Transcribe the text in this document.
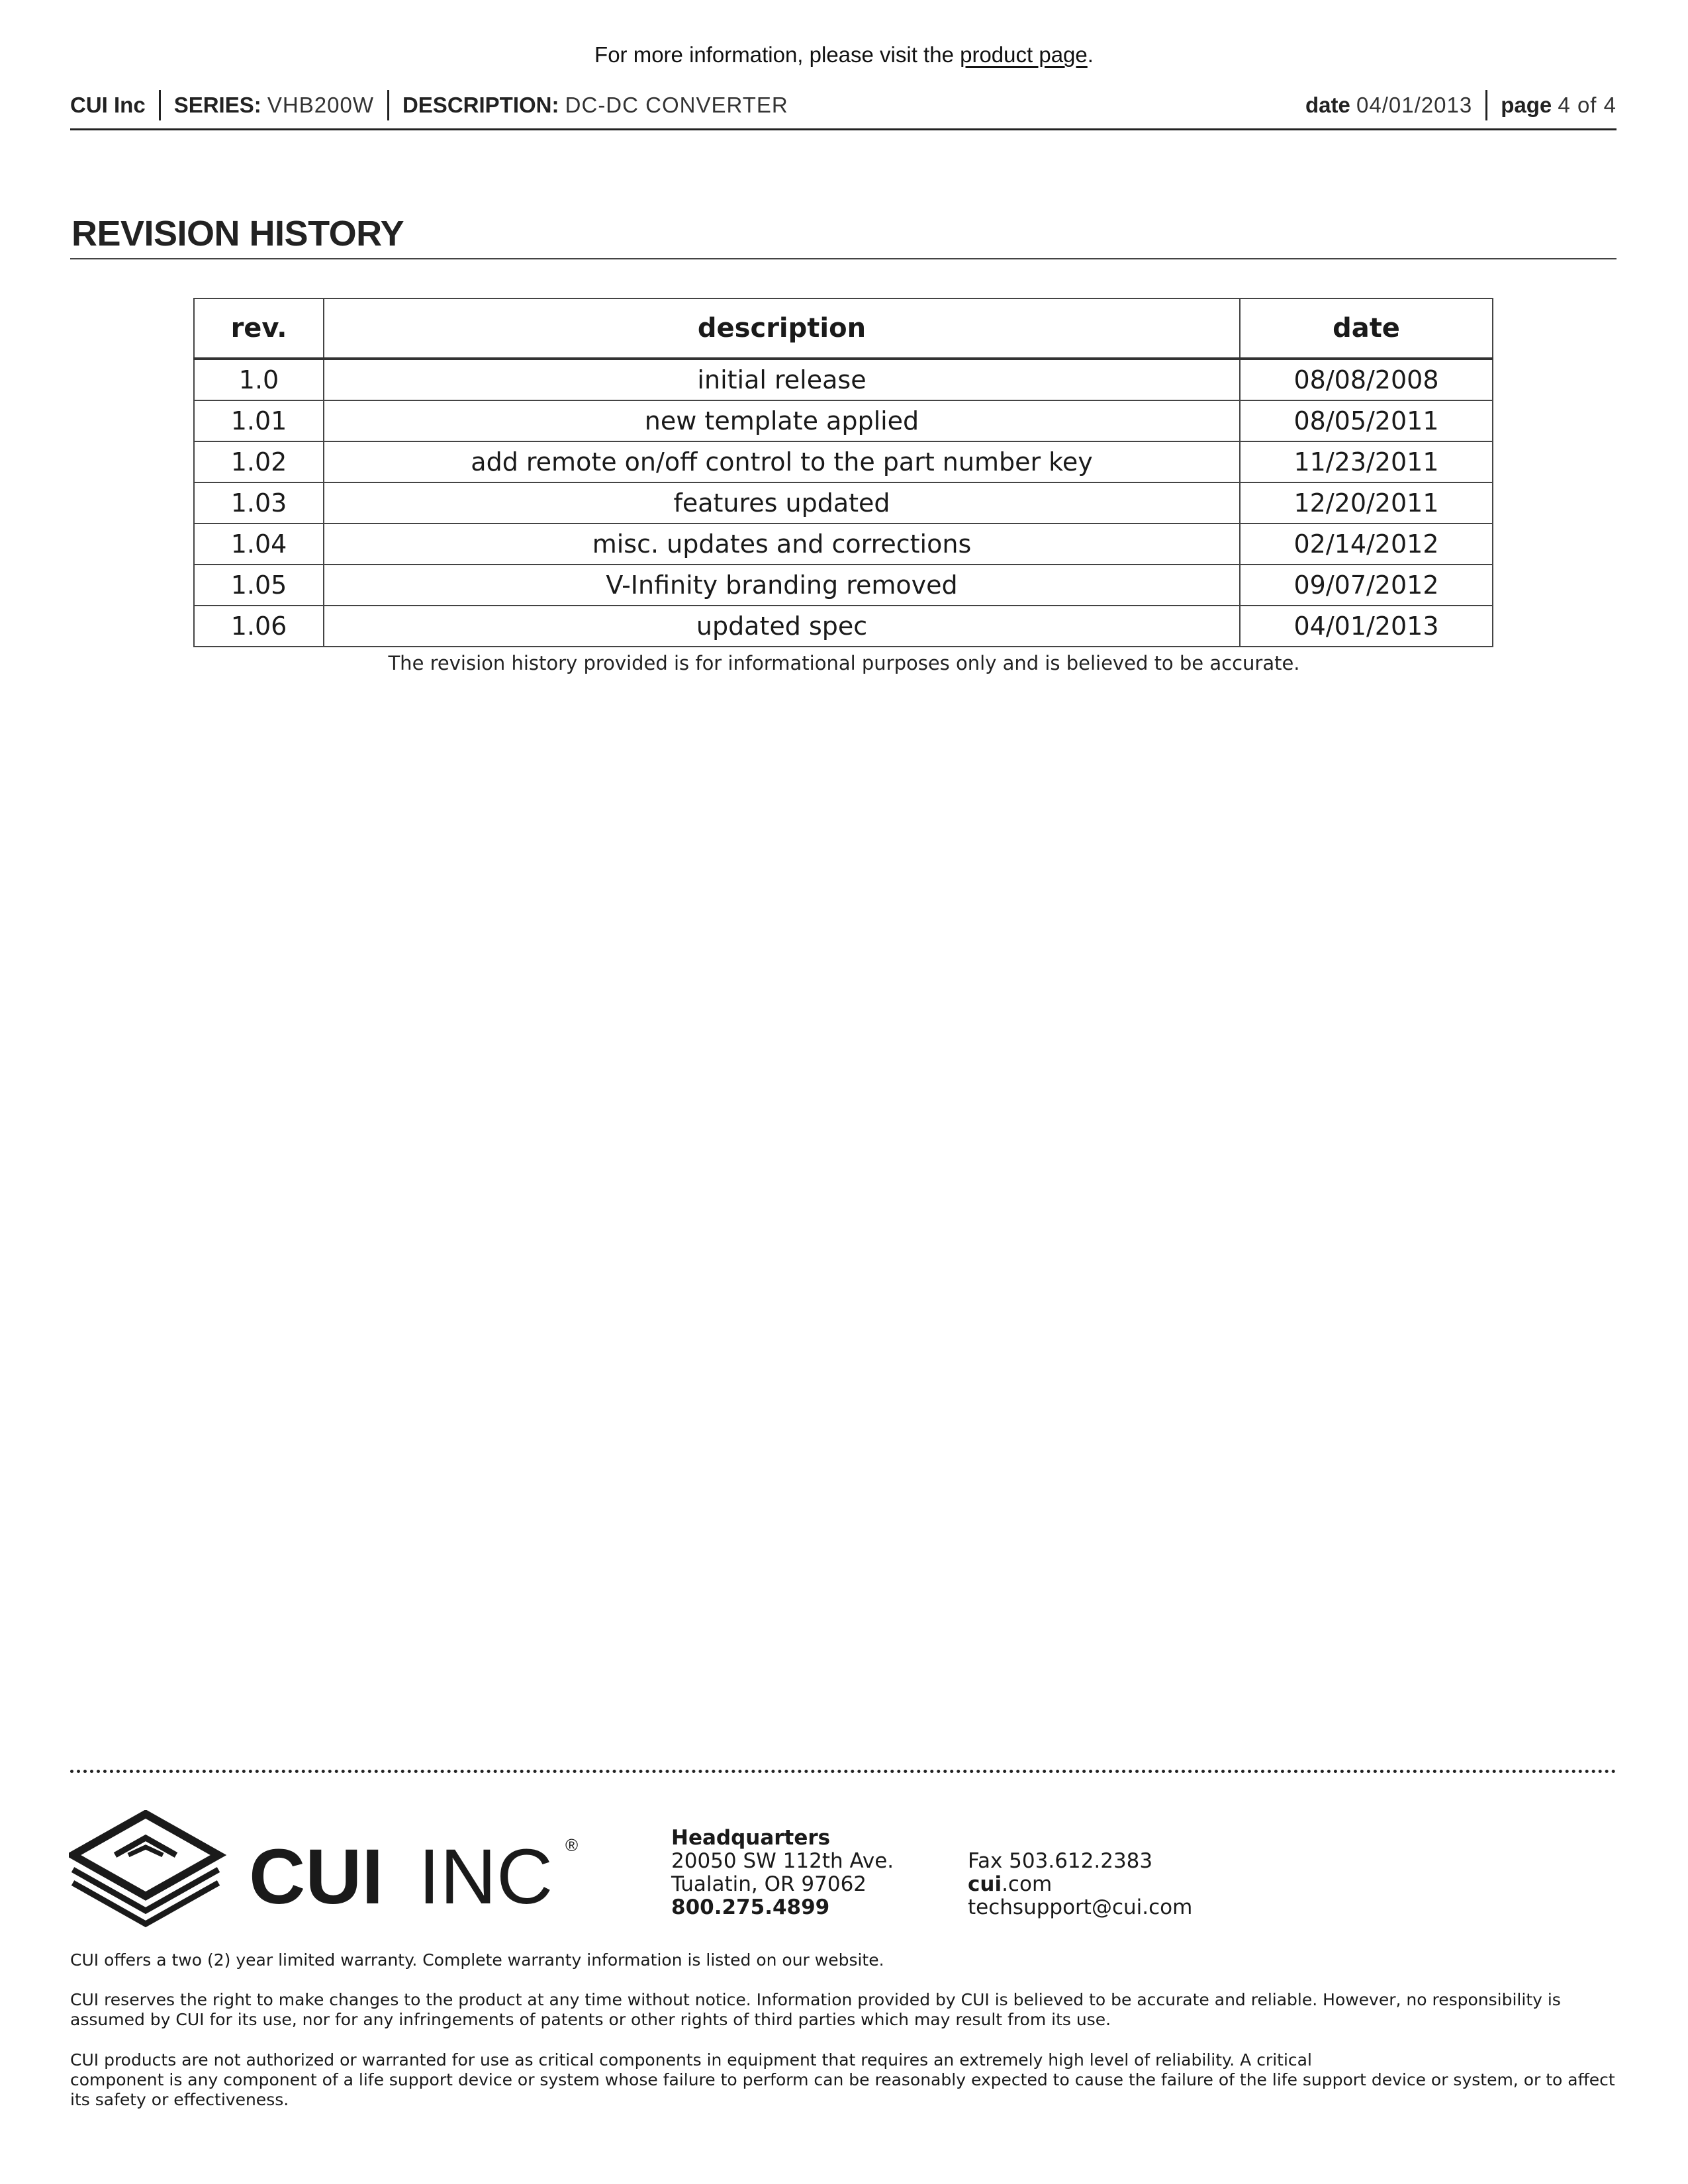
For more information, please visit the product page.
CUI Inc SERIES:
VHB200W DESCRIPTION:
DC-DC CONVERTER	date
04/01/2013 page
4 of 4
REVISION HISTORY
rev.	description	date
1.0	initial release	08/08/2008
1.01	new template applied	08/05/2011
1.02	add remote on/off control to the part number key	11/23/2011
1.03	features updated	12/20/2011
1.04	misc. updates and corrections	02/14/2012
1.05	V-Infinity branding removed	09/07/2012
1.06	updated spec	04/01/2013
The revision history provided is for informational purposes only and is believed to be accurate.
CUI INC ®	Headquarters
20050 SW 112th Ave.
Tualatin, OR 97062
800.275.4899
Fax 503.612.2383
cui.com
techsupport@cui.com

CUI offers a two (2) year limited warranty. Complete warranty information is listed on our website.

CUI reserves the right to make changes to the product at any time without notice. Information provided by CUI is believed to be accurate and reliable. However, no responsibility is assumed by CUI for its use, nor for any infringements of patents or other rights of third parties which may result from its use.

CUI products are not authorized or warranted for use as critical components in equipment that requires an extremely high level of reliability. A critical

component is any component of a life support device or system whose failure to perform can be reasonably expected to cause the failure of the life support device or system, or to affect its safety or effectiveness.
